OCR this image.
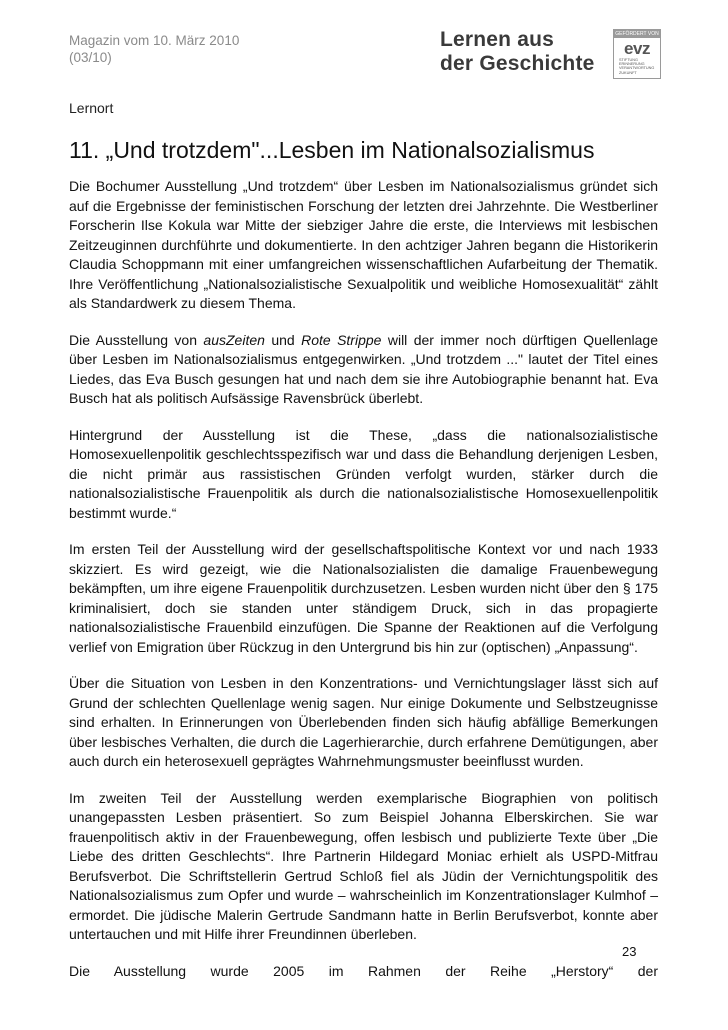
Magazin vom 10. März 2010
(03/10)
Lernen aus
der Geschichte
GEFÖRDERT VON
evz
STIFTUNG
ERINNERUNG
VERANTWORTUNG
ZUKUNFT
Lernort
11. „Und trotzdem"...Lesben im Nationalsozialismus

Die Bochumer Ausstellung „Und trotzdem“ über Lesben im Nationalsozialismus gründet sich auf die Ergebnisse der feministischen Forschung der letzten drei Jahrzehnte. Die Westberliner Forscherin Ilse Kokula war Mitte der siebziger Jahre die erste, die Interviews mit lesbischen Zeitzeuginnen durchführte und dokumentierte. In den achtziger Jahren begann die Historikerin Claudia Schoppmann mit einer umfangreichen wissenschaftlichen Aufarbeitung der Thematik. Ihre Veröffentlichung „Nationalsozialistische Sexualpolitik und weibliche Homosexualität“ zählt als Standardwerk zu diesem Thema.

Die Ausstellung von ausZeiten und Rote Strippe will der immer noch dürftigen Quellenlage über Lesben im Nationalsozialismus entgegenwirken. „Und trotzdem ..." lautet der Titel eines Liedes, das Eva Busch gesungen hat und nach dem sie ihre Autobiographie benannt hat. Eva Busch hat als politisch Aufsässige Ravensbrück überlebt.

Hintergrund der Ausstellung ist die These, „dass die nationalsozialistische Homosexuellenpolitik geschlechtsspezifisch war und dass die Behandlung derjenigen Lesben, die nicht primär aus rassistischen Gründen verfolgt wurden, stärker durch die nationalsozialistische Frauenpolitik als durch die nationalsozialistische Homosexuellenpolitik bestimmt wurde.“

Im ersten Teil der Ausstellung wird der gesellschaftspolitische Kontext vor und nach 1933 skizziert. Es wird gezeigt, wie die Nationalsozialisten die damalige Frauenbewegung bekämpften, um ihre eigene Frauenpolitik durchzusetzen. Lesben wurden nicht über den § 175 kriminalisiert, doch sie standen unter ständigem Druck, sich in das propagierte nationalsozialistische Frauenbild einzufügen. Die Spanne der Reaktionen auf die Verfolgung verlief von Emigration über Rückzug in den Untergrund bis hin zur (optischen) „Anpassung“.

Über die Situation von Lesben in den Konzentrations- und Vernichtungslager lässt sich auf Grund der schlechten Quellenlage wenig sagen. Nur einige Dokumente und Selbstzeugnisse sind erhalten. In Erinnerungen von Überlebenden finden sich häufig abfällige Bemerkungen über lesbisches Verhalten, die durch die Lagerhierarchie, durch erfahrene Demütigungen, aber auch durch ein heterosexuell geprägtes Wahrnehmungsmuster beeinflusst wurden.

Im zweiten Teil der Ausstellung werden exemplarische Biographien von politisch unangepassten Lesben präsentiert. So zum Beispiel Johanna Elberskirchen. Sie war frauenpolitisch aktiv in der Frauenbewegung, offen lesbisch und publizierte Texte über „Die Liebe des dritten Geschlechts“. Ihre Partnerin Hildegard Moniac erhielt als USPD-Mitfrau Berufsverbot. Die Schriftstellerin Gertrud Schloß fiel als Jüdin der Vernichtungspolitik des Nationalsozialismus zum Opfer und wurde – wahrscheinlich im Konzentrationslager Kulmhof – ermordet. Die jüdische Malerin Gertrude Sandmann hatte in Berlin Berufsverbot, konnte aber untertauchen und mit Hilfe ihrer Freundinnen überleben.

Die Ausstellung wurde 2005 im Rahmen der Reihe „Herstory“ der

23
